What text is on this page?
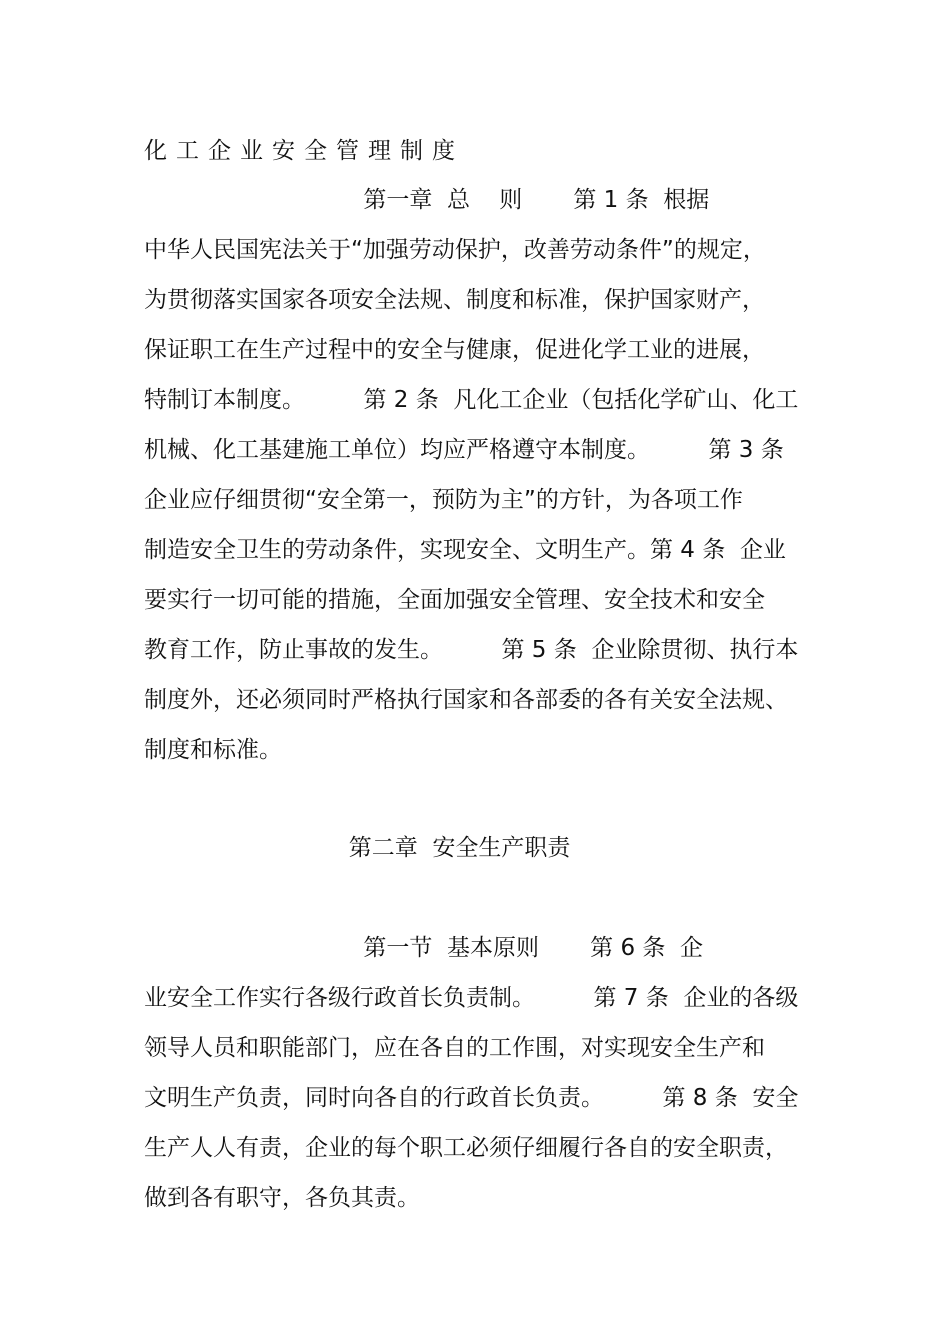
化工企业安全管理制度
第一章  总    则       第 1 条  根据
中华人民国宪法关于“加强劳动保护，改善劳动条件”的规定，
为贯彻落实国家各项安全法规、制度和标准，保护国家财产，
保证职工在生产过程中的安全与健康，促进化学工业的进展，
特制订本制度。        第 2 条  凡化工企业（包括化学矿山、化工
机械、化工基建施工单位）均应严格遵守本制度。        第 3 条
企业应仔细贯彻“安全第一，预防为主”的方针，为各项工作
制造安全卫生的劳动条件，实现安全、文明生产。第 4 条  企业
要实行一切可能的措施，全面加强安全管理、安全技术和安全
教育工作，防止事故的发生。        第 5 条  企业除贯彻、执行本
制度外，还必须同时严格执行国家和各部委的各有关安全法规、
制度和标准。
第二章  安全生产职责
第一节  基本原则       第 6 条  企
业安全工作实行各级行政首长负责制。        第 7 条  企业的各级
领导人员和职能部门，应在各自的工作围，对实现安全生产和
文明生产负责，同时向各自的行政首长负责。        第 8 条  安全
生产人人有责，企业的每个职工必须仔细履行各自的安全职责，
做到各有职守，各负其责。
